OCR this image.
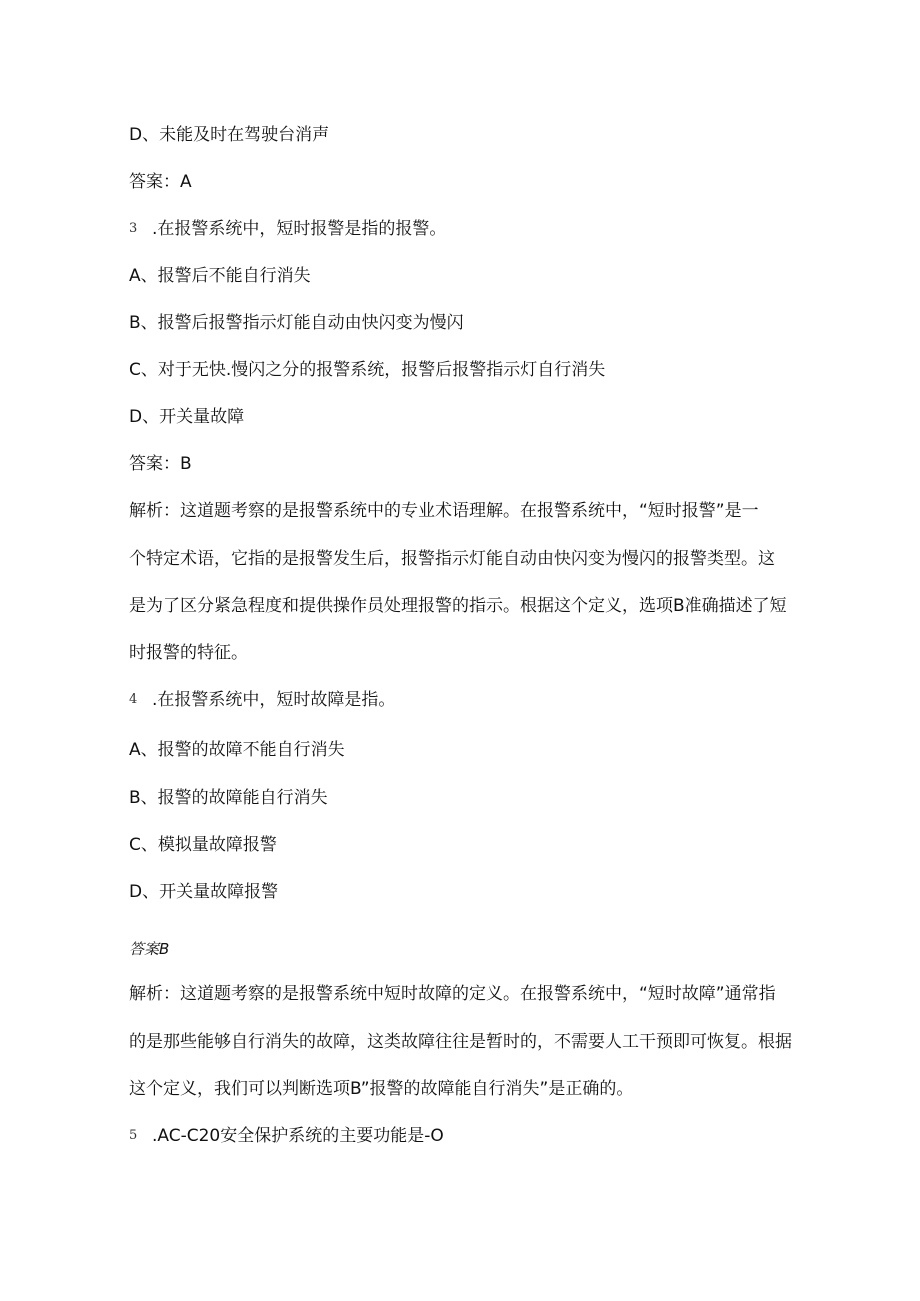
D、未能及时在驾驶台消声
答案：A
3 .在报警系统中，短时报警是指的报警。
A、报警后不能自行消失
B、报警后报警指示灯能自动由快闪变为慢闪
C、对于无快.慢闪之分的报警系统，报警后报警指示灯自行消失
D、开关量故障
答案：B
解析：这道题考察的是报警系统中的专业术语理解。在报警系统中，“短时报警”是一
个特定术语，它指的是报警发生后，报警指示灯能自动由快闪变为慢闪的报警类型。这
是为了区分紧急程度和提供操作员处理报警的指示。根据这个定义，选项B准确描述了短
时报警的特征。
4 .在报警系统中，短时故障是指。
A、报警的故障不能自行消失
B、报警的故障能自行消失
C、模拟量故障报警
D、开关量故障报警
答案B
解析：这道题考察的是报警系统中短时故障的定义。在报警系统中，“短时故障”通常指
的是那些能够自行消失的故障，这类故障往往是暂时的，不需要人工干预即可恢复。根据
这个定义，我们可以判断选项B”报警的故障能自行消失”是正确的。
5 .AC-C20安全保护系统的主要功能是-O
